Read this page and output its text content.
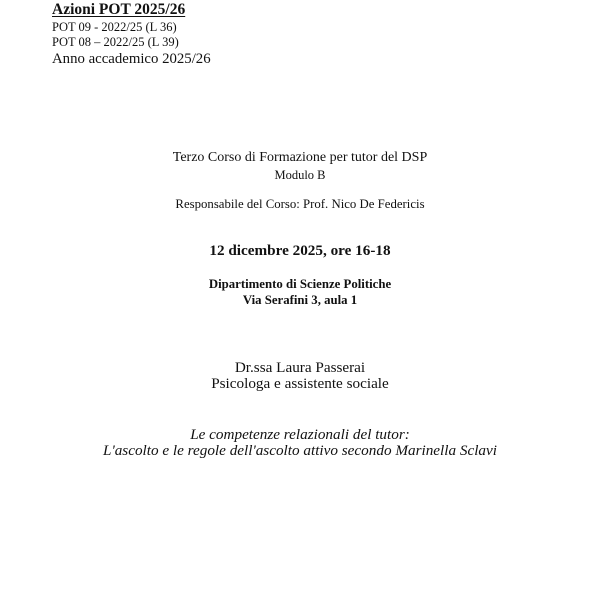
Azioni POT 2025/26
POT 09 - 2022/25 (L 36)
POT 08 – 2022/25 (L 39)
Anno accademico 2025/26
Terzo Corso di Formazione per tutor del DSP
Modulo B
Responsabile del Corso: Prof. Nico De Federicis
12 dicembre 2025, ore 16-18
Dipartimento di Scienze Politiche
Via Serafini 3, aula 1
Dr.ssa Laura Passerai
Psicologa e assistente sociale
Le competenze relazionali del tutor:
L'ascolto e le regole dell'ascolto attivo secondo Marinella Sclavi
